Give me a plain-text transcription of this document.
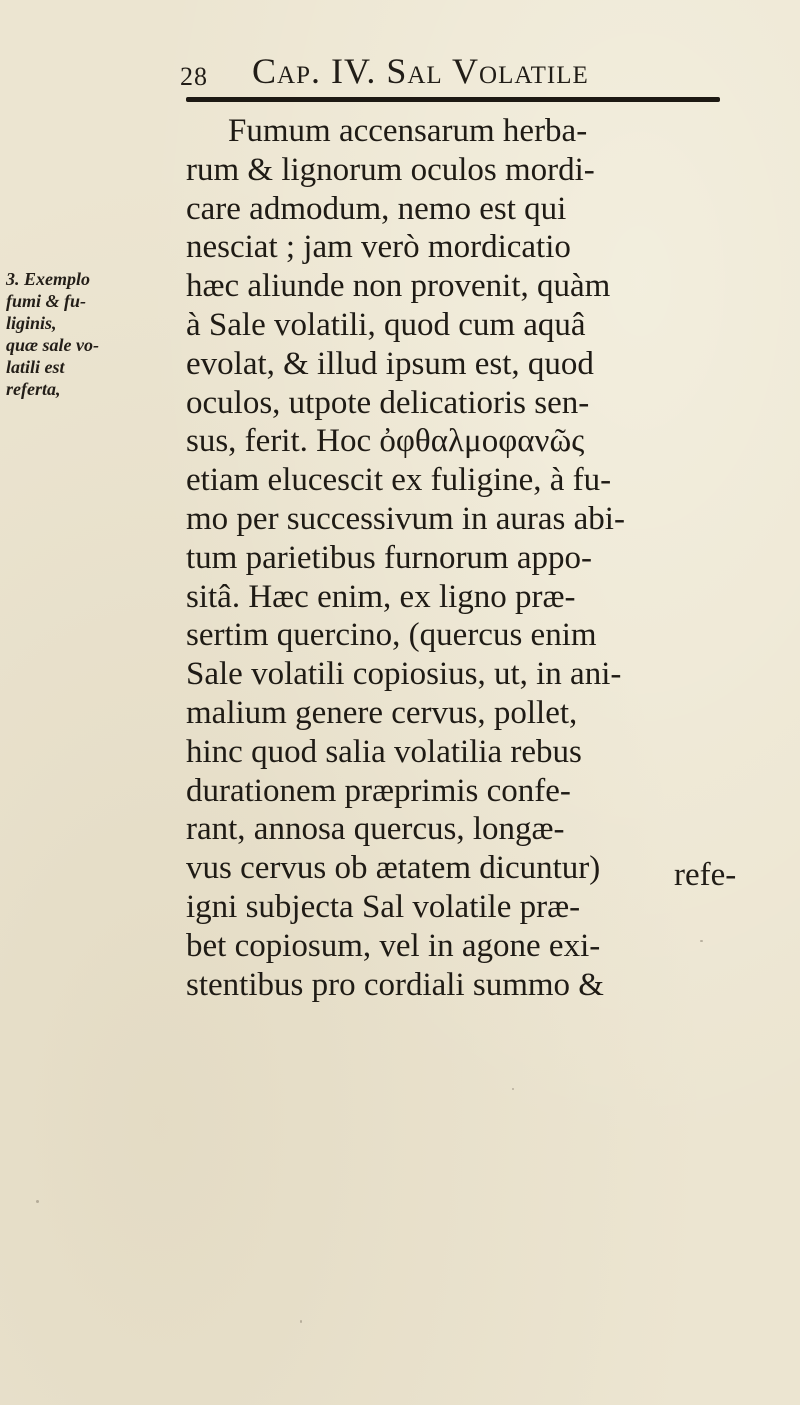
28 Cap. IV. Sal Volatile
3. Exemplo
fumi & fu-
liginis,
quæ sale vo-
latili est
referta,
Fumum accensarum herba-
rum & lignorum oculos mordi-
care admodum, nemo est qui
nesciat ; jam verò mordicatio
hæc aliunde non provenit, quàm
à Sale volatili, quod cum aquâ
evolat, & illud ipsum est, quod
oculos, utpote delicatioris sen-
sus, ferit. Hoc ὀφθαλμοφανῶς
etiam elucescit ex fuligine, à fu-
mo per successivum in auras abi-
tum parietibus furnorum appo-
sitâ. Hæc enim, ex ligno præ-
sertim quercino, (quercus enim
Sale volatili copiosius, ut, in ani-
malium genere cervus, pollet,
hinc quod salia volatilia rebus
durationem præprimis confe-
rant, annosa quercus, longæ-
vus cervus ob ætatem dicuntur)
igni subjecta Sal volatile præ-
bet copiosum, vel in agone exi-
stentibus pro cordiali summo &
refe-
